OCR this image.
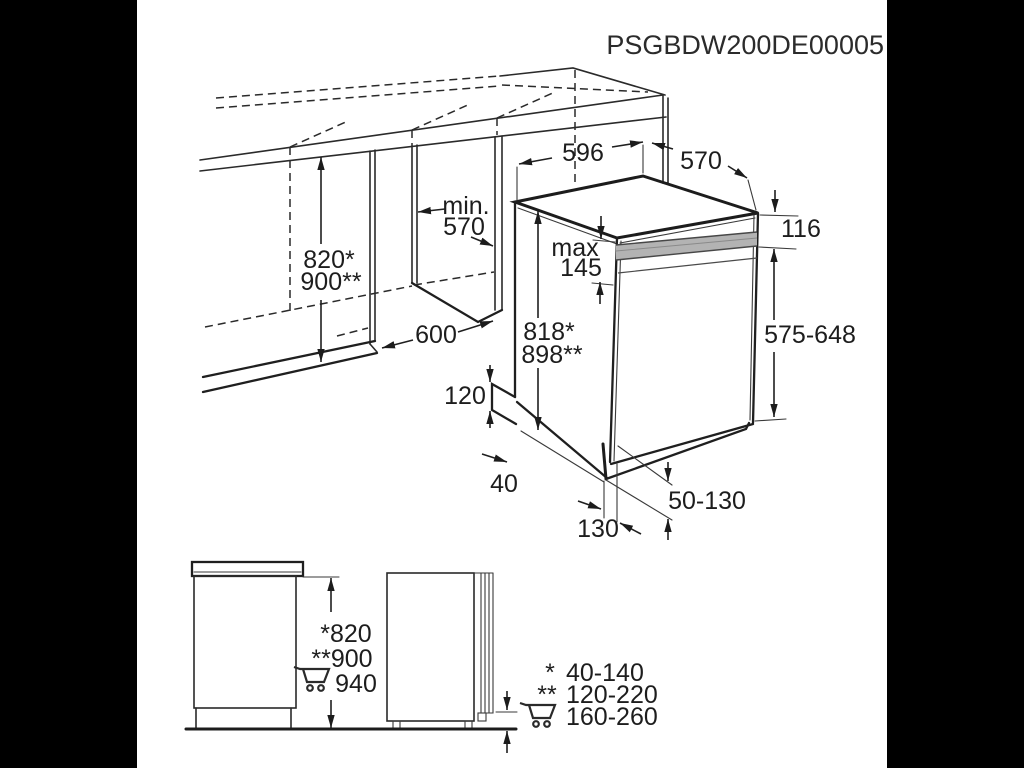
PSGBDW200DE00005
596	570
116
max
145
818*
898**
575-648
min.
570
820*
900**
600
120
40
130
50-130
*820
**900
940	* 40-140
** 120-220
160-260
